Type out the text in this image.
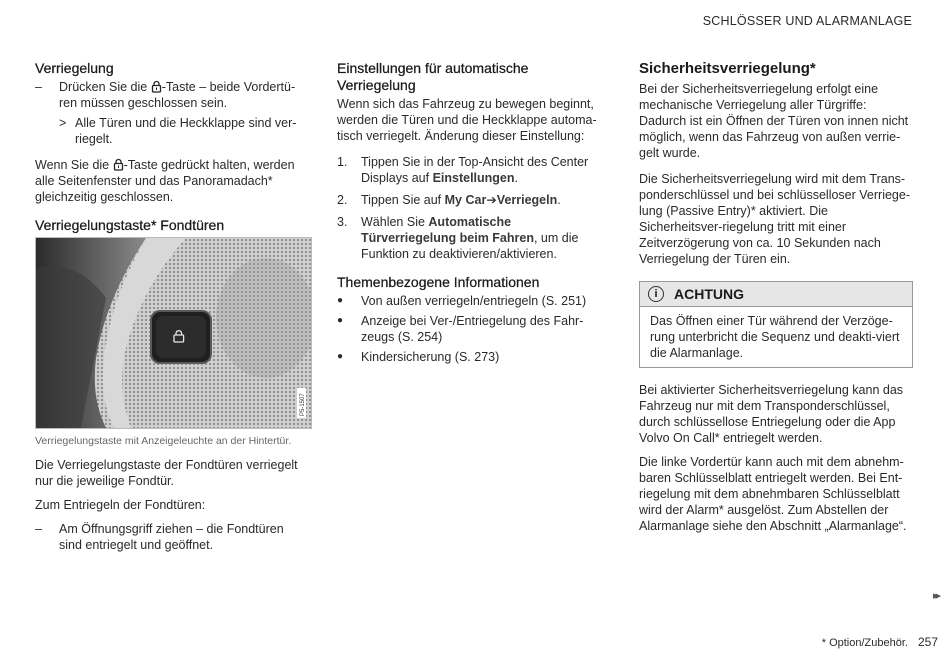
SCHLÖSSER UND ALARMANLAGE
Verriegelung
–	Drücken Sie die -Taste – beide Vordertü-ren müssen geschlossen sein.
> Alle Türen und die Heckklappe sind ver-riegelt.

Wenn Sie die -Taste gedrückt halten, werden alle Seitenfenster und das Panoramadach* gleichzeitig geschlossen.

Verriegelungstaste* Fondtüren
P5-1507
Verriegelungstaste mit Anzeigeleuchte an der Hintertür.

Die Verriegelungstaste der Fondtüren verriegelt nur die jeweilige Fondtür.

Zum Entriegeln der Fondtüren:

–	Am Öffnungsgriff ziehen – die Fondtüren sind entriegelt und geöffnet.
Einstellungen für automatische Verriegelung

Wenn sich das Fahrzeug zu bewegen beginnt, werden die Türen und die Heckklappe automa-tisch verriegelt. Änderung dieser Einstellung:

1.	Tippen Sie in der Top-Ansicht des Center Displays auf Einstellungen.
2.	Tippen Sie auf My Car➔Verriegeln.
3.	Wählen Sie Automatische Türverriegelung beim Fahren, um die Funktion zu deaktivieren/aktivieren.
Themenbezogene Informationen
●	Von außen verriegeln/entriegeln (S. 251)
●	Anzeige bei Ver-/Entriegelung des Fahr-zeugs (S. 254)
●	Kindersicherung (S. 273)
Sicherheitsverriegelung*

Bei der Sicherheitsverriegelung erfolgt eine mechanische Verriegelung aller Türgriffe: Dadurch ist ein Öffnen der Türen von innen nicht möglich, wenn das Fahrzeug von außen verrie-gelt wurde.

Die Sicherheitsverriegelung wird mit dem Trans-ponderschlüssel und bei schlüsselloser Verriege-lung (Passive Entry)* aktiviert. Die Sicherheitsver-riegelung tritt mit einer Zeitverzögerung von ca. 10 Sekunden nach Verriegelung der Türen ein.

i	ACHTUNG
Das Öffnen einer Tür während der Verzöge-rung unterbricht die Sequenz und deakti-viert die Alarmanlage.

Bei aktivierter Sicherheitsverriegelung kann das Fahrzeug nur mit dem Transponderschlüssel, durch schlüssellose Entriegelung oder die App Volvo On Call* entriegelt werden.

Die linke Vordertür kann auch mit dem abnehm-baren Schlüsselblatt entriegelt werden. Bei Ent-riegelung mit dem abnehmbaren Schlüsselblatt wird der Alarm* ausgelöst. Zum Abstellen der Alarmanlage siehe den Abschnitt „Alarmanlage“.

▸▸
* Option/Zubehör. 257
